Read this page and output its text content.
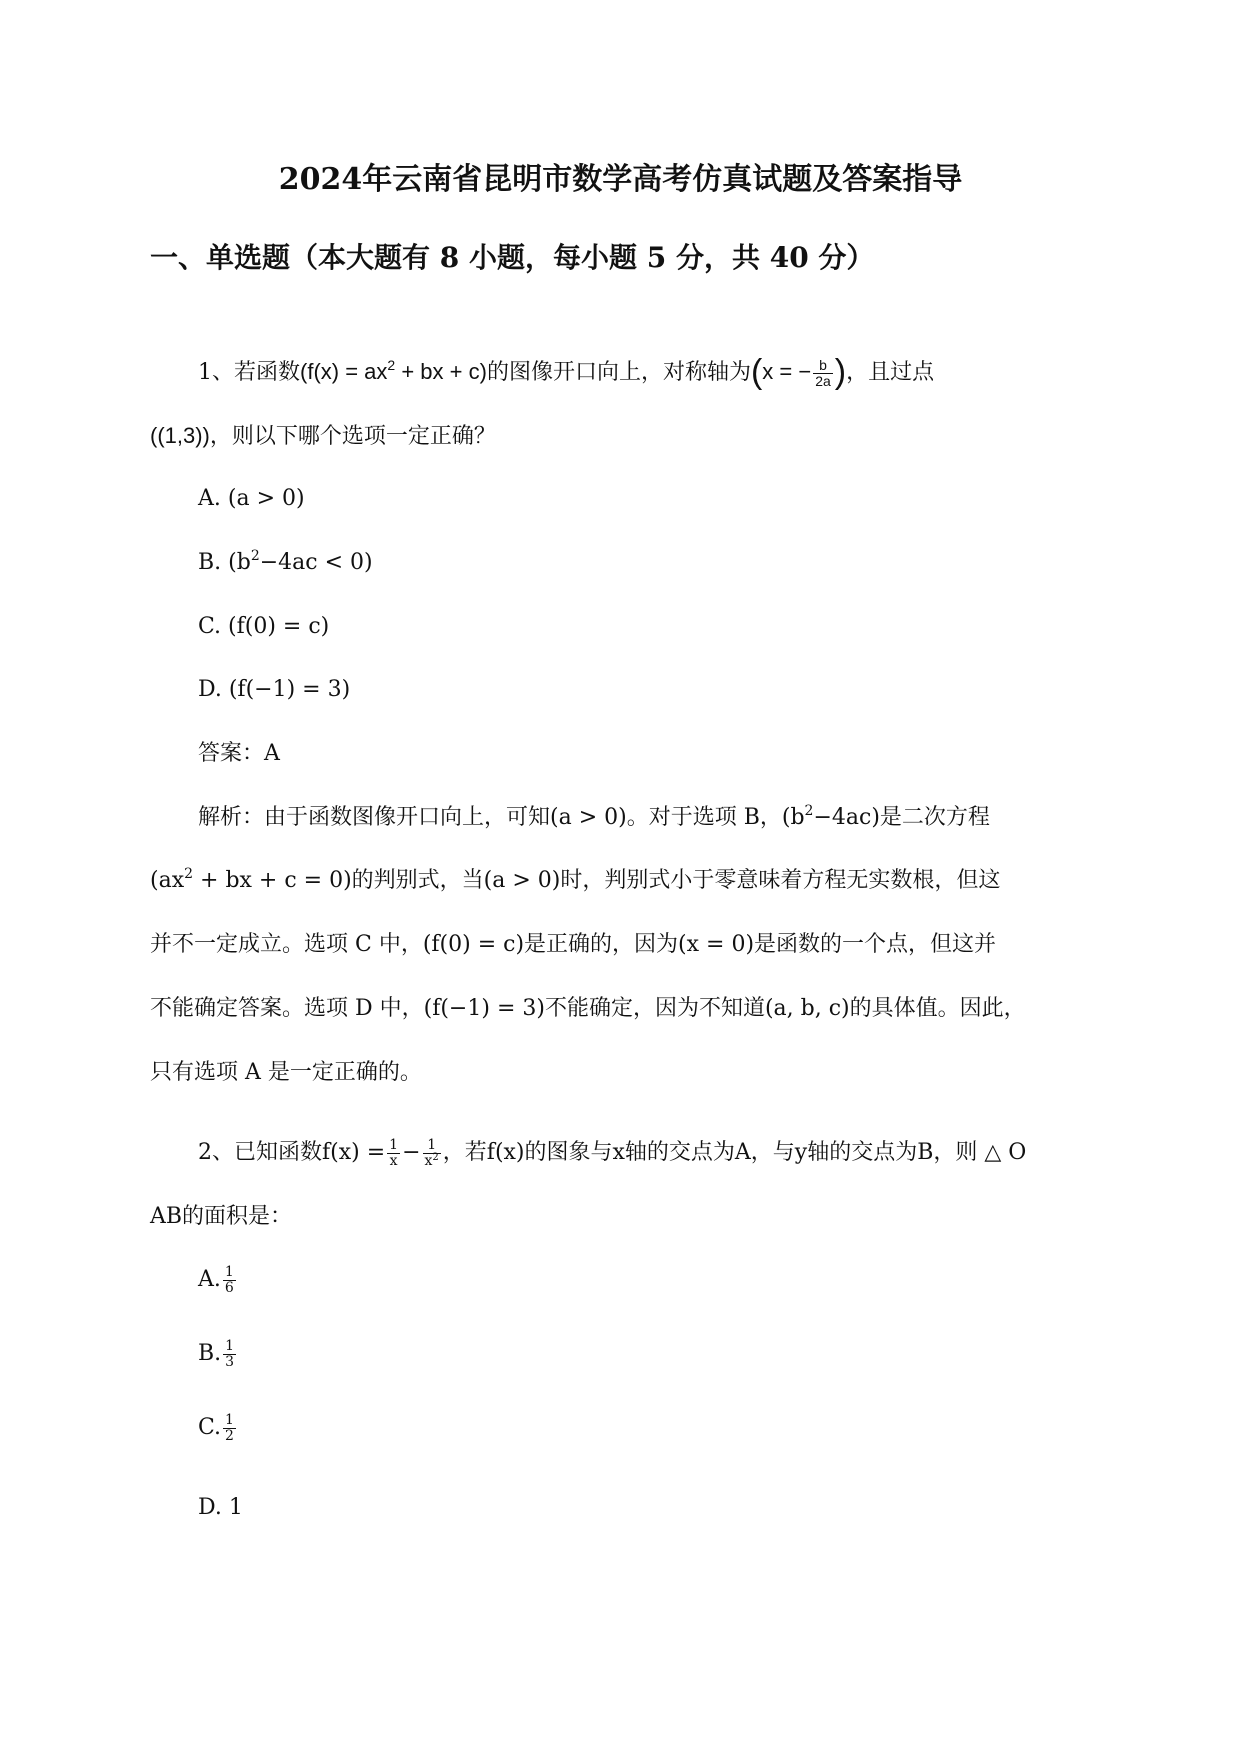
2024年云南省昆明市数学高考仿真试题及答案指导
一、单选题（本大题有 8 小题，每小题 5 分，共 40 分）
1、若函数($f(x) = ax^2$ + bx + c)的图像开口向上，对称轴为(x = − $\frac{b}{2a}$ )，且过点
((1,3))，则以下哪个选项一定正确？
A. (a > 0)
B. $(b^2-4ac < 0)$
C. (f(0) = c)
D. (f(−1) = 3)
答案：A
解析：由于函数图像开口向上，可知(a > 0)。对于选项 B，$(b^2-4ac)$是二次方程
($ax^2$ + bx + c = 0)的判别式，当(a > 0)时，判别式小于零意味着方程无实数根，但这
并不一定成立。选项 C 中，(f(0) = c)是正确的，因为(x = 0)是函数的一个点，但这并
不能确定答案。选项 D 中，(f(−1) = 3)不能确定，因为不知道(a, b, c)的具体值。因此，
只有选项 A 是一定正确的。
2、已知函数$f(x) = \frac{1}{x} - \frac{1}{x^2}$ ，若f(x)的图象与x轴的交点为A，与y轴的交点为B，则 △ O
AB的面积是：
A. $\frac{1}{6}$
B. $\frac{1}{3}$
C. $\frac{1}{2}$
D. 1
